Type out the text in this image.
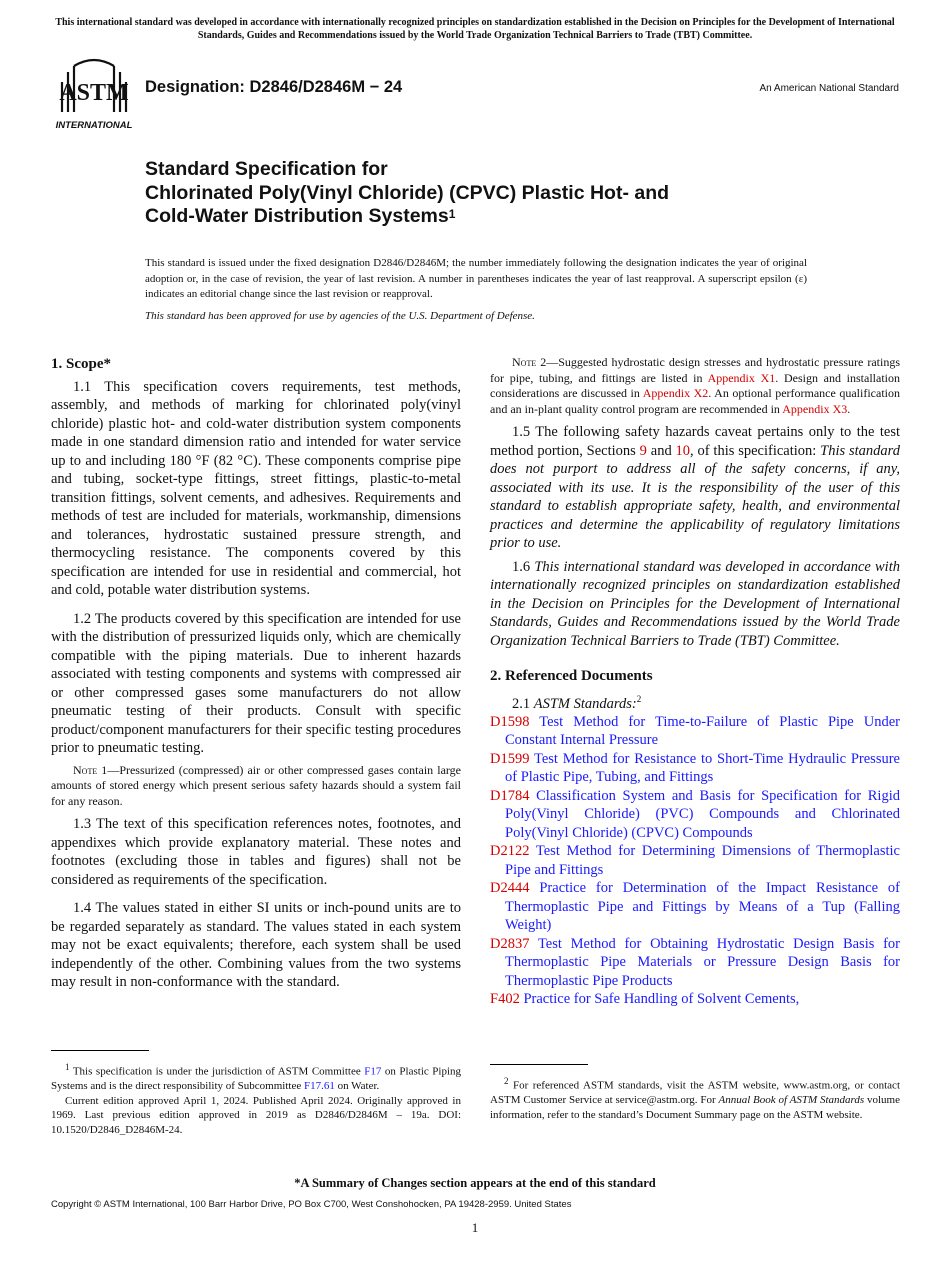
This international standard was developed in accordance with internationally recognized principles on standardization established in the Decision on Principles for the Development of International Standards, Guides and Recommendations issued by the World Trade Organization Technical Barriers to Trade (TBT) Committee.
ASTM
INTERNATIONAL
Designation: D2846/D2846M − 24	An American National Standard
Standard Specification for
Chlorinated Poly(Vinyl Chloride) (CPVC) Plastic Hot- and
Cold-Water Distribution Systems$^1$
This standard is issued under the fixed designation D2846/D2846M; the number immediately following the designation indicates the year of original adoption or, in the case of revision, the year of last revision. A number in parentheses indicates the year of last reapproval. A superscript epsilon (ε) indicates an editorial change since the last revision or reapproval.
This standard has been approved for use by agencies of the U.S. Department of Defense.
1. Scope*
1.1 This specification covers requirements, test methods, assembly, and methods of marking for chlorinated poly(vinyl chloride) plastic hot- and cold-water distribution system components made in one standard dimension ratio and intended for water service up to and including 180 °F (82 °C). These components comprise pipe and tubing, socket-type fittings, street fittings, plastic-to-metal transition fittings, solvent cements, and adhesives. Requirements and methods of test are included for materials, workmanship, dimensions and tolerances, hydrostatic sustained pressure strength, and thermocycling resistance. The components covered by this specification are intended for use in residential and commercial, hot and cold, potable water distribution systems.
1.2 The products covered by this specification are intended for use with the distribution of pressurized liquids only, which are chemically compatible with the piping materials. Due to inherent hazards associated with testing components and systems with compressed air or other compressed gases some manufacturers do not allow pneumatic testing of their products. Consult with specific product/component manufacturers for their specific testing procedures prior to pneumatic testing.
Note 1—Pressurized (compressed) air or other compressed gases contain large amounts of stored energy which present serious safety hazards should a system fail for any reason.
1.3 The text of this specification references notes, footnotes, and appendixes which provide explanatory material. These notes and footnotes (excluding those in tables and figures) shall not be considered as requirements of the specification.
1.4 The values stated in either SI units or inch-pound units are to be regarded separately as standard. The values stated in each system may not be exact equivalents; therefore, each system shall be used independently of the other. Combining values from the two systems may result in non-conformance with the standard.
Note 2—Suggested hydrostatic design stresses and hydrostatic pressure ratings for pipe, tubing, and fittings are listed in Appendix X1. Design and installation considerations are discussed in Appendix X2. An optional performance qualification and an in-plant quality control program are recommended in Appendix X3.
1.5 The following safety hazards caveat pertains only to the test method portion, Sections 9 and 10, of this specification: This standard does not purport to address all of the safety concerns, if any, associated with its use. It is the responsibility of the user of this standard to establish appropriate safety, health, and environmental practices and determine the applicability of regulatory limitations prior to use.
1.6 This international standard was developed in accordance with internationally recognized principles on standardization established in the Decision on Principles for the Development of International Standards, Guides and Recommendations issued by the World Trade Organization Technical Barriers to Trade (TBT) Committee.
2. Referenced Documents
2.1 ASTM Standards:$^2$
D1598 Test Method for Time-to-Failure of Plastic Pipe Under Constant Internal Pressure
D1599 Test Method for Resistance to Short-Time Hydraulic Pressure of Plastic Pipe, Tubing, and Fittings
D1784 Classification System and Basis for Specification for Rigid Poly(Vinyl Chloride) (PVC) Compounds and Chlorinated Poly(Vinyl Chloride) (CPVC) Compounds
D2122 Test Method for Determining Dimensions of Thermoplastic Pipe and Fittings
D2444 Practice for Determination of the Impact Resistance of Thermoplastic Pipe and Fittings by Means of a Tup (Falling Weight)
D2837 Test Method for Obtaining Hydrostatic Design Basis for Thermoplastic Pipe Materials or Pressure Design Basis for Thermoplastic Pipe Products
F402 Practice for Safe Handling of Solvent Cements,

$^1$ This specification is under the jurisdiction of ASTM Committee F17 on Plastic Piping Systems and is the direct responsibility of Subcommittee F17.61 on Water.

Current edition approved April 1, 2024. Published April 2024. Originally approved in 1969. Last previous edition approved in 2019 as D2846/D2846M – 19a. DOI: 10.1520/D2846_D2846M-24.

$^2$ For referenced ASTM standards, visit the ASTM website, www.astm.org, or contact ASTM Customer Service at service@astm.org. For Annual Book of ASTM Standards volume information, refer to the standard’s Document Summary page on the ASTM website.

*A Summary of Changes section appears at the end of this standard
Copyright © ASTM International, 100 Barr Harbor Drive, PO Box C700, West Conshohocken, PA 19428-2959. United States
1
